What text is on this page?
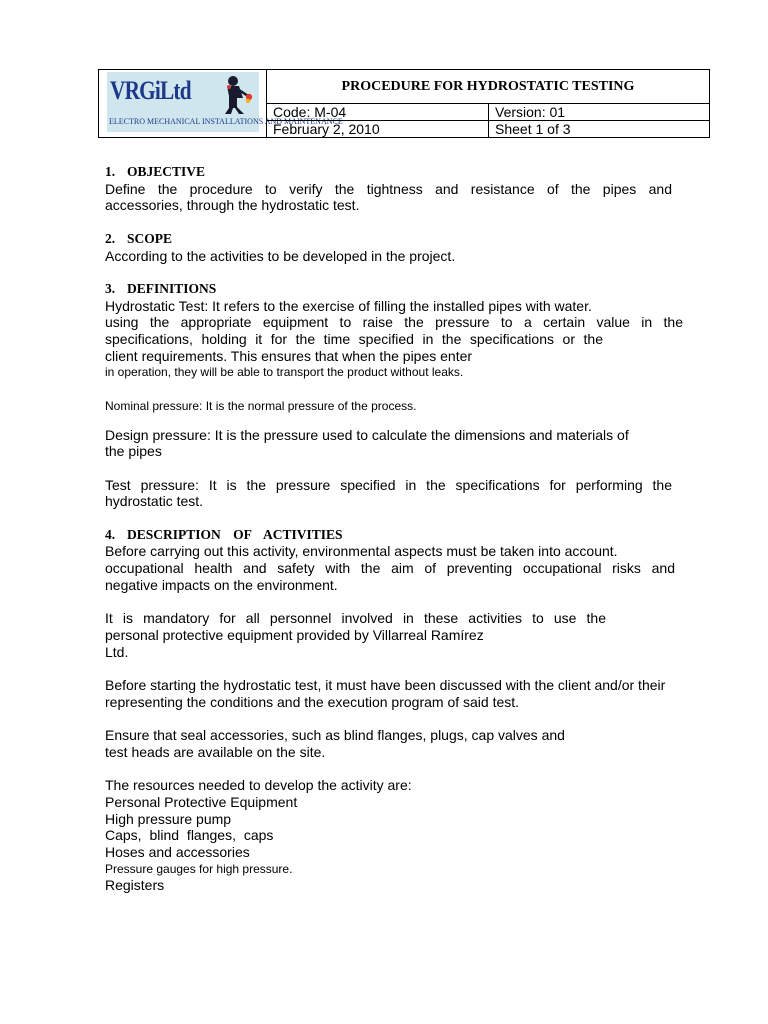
VRGiLtd
ELECTRO MECHANICAL INSTALLATIONS AND MAINTENANCE
PROCEDURE FOR HYDROSTATIC TESTING
Code: M-04	Version: 01
February 2, 2010	Sheet 1 of 3
1. OBJECTIVE
Define the procedure to verify the tightness and resistance of the pipes and
accessories, through the hydrostatic test.
2. SCOPE
According to the activities to be developed in the project.
3. DEFINITIONS
Hydrostatic Test: It refers to the exercise of filling the installed pipes with water.
using the appropriate equipment to raise the pressure to a certain value in the
specifications, holding it for the time specified in the specifications or the
client requirements. This ensures that when the pipes enter
in operation, they will be able to transport the product without leaks.
Nominal pressure: It is the normal pressure of the process.
Design pressure: It is the pressure used to calculate the dimensions and materials of
the pipes
Test pressure: It is the pressure specified in the specifications for performing the
hydrostatic test.
4. DESCRIPTION OF ACTIVITIES
Before carrying out this activity, environmental aspects must be taken into account.
occupational health and safety with the aim of preventing occupational risks and
negative impacts on the environment.
It is mandatory for all personnel involved in these activities to use the
personal protective equipment provided by Villarreal Ramírez
Ltd.
Before starting the hydrostatic test, it must have been discussed with the client and/or their
representing the conditions and the execution program of said test.
Ensure that seal accessories, such as blind flanges, plugs, cap valves and
test heads are available on the site.
The resources needed to develop the activity are:
Personal Protective Equipment
High pressure pump
Caps, blind flanges, caps
Hoses and accessories
Pressure gauges for high pressure.
Registers
